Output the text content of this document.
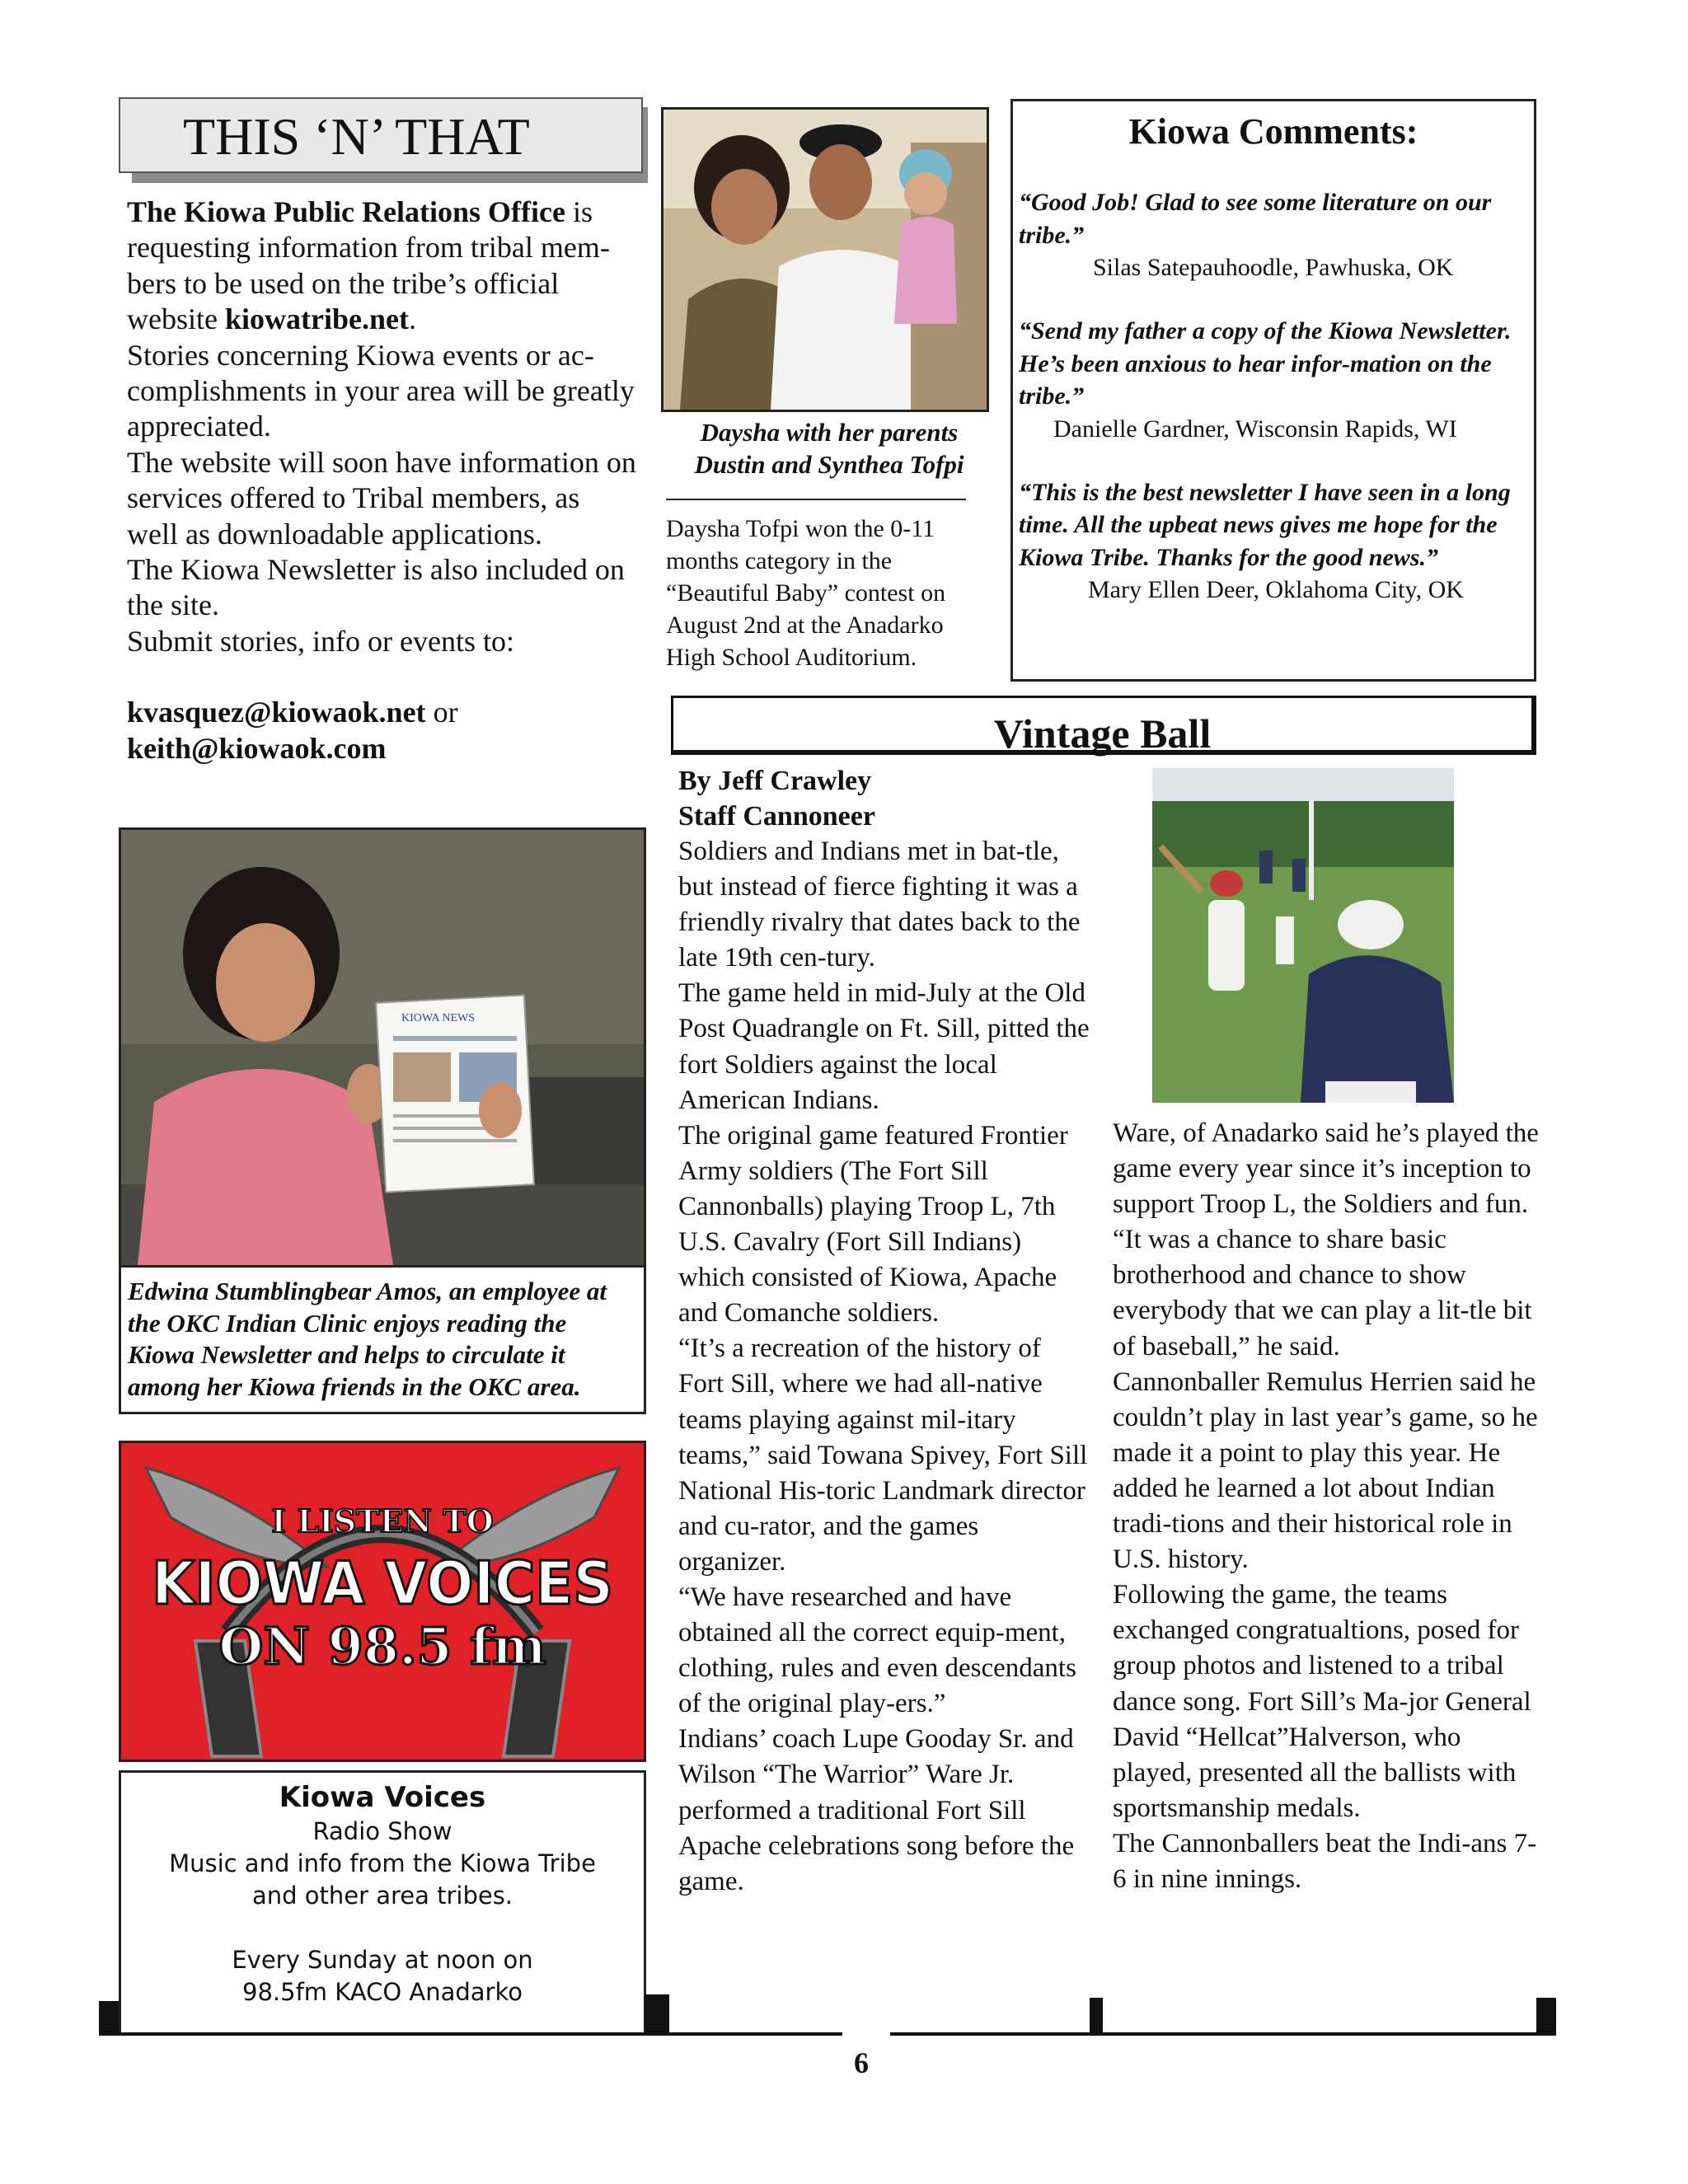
THIS ‘N’ THAT

The Kiowa Public Relations Office is requesting information from tribal mem-bers to be used on the tribe’s official website kiowatribe.net.

Stories concerning Kiowa events or ac-complishments in your area will be greatly appreciated.

The website will soon have information on services offered to Tribal members, as well as downloadable applications.

The Kiowa Newsletter is also included on the site.

Submit stories, info or events to:

kvasquez@kiowaok.net or
keith@kiowaok.com

Daysha with her parents Dustin and Synthea Tofpi
Daysha Tofpi won the 0-11 months category in the “Beautiful Baby” contest on August 2nd at the Anadarko High School Auditorium.
Kiowa Comments:

“Good Job! Glad to see some literature on our tribe.”

Silas Satepauhoodle, Pawhuska, OK

“Send my father a copy of the Kiowa Newsletter. He’s been anxious to hear infor-mation on the tribe.”

Danielle Gardner, Wisconsin Rapids, WI

“This is the best newsletter I have seen in a long time. All the upbeat news gives me hope for the Kiowa Tribe. Thanks for the good news.”

Mary Ellen Deer, Oklahoma City, OK

Vintage Ball
By Jeff Crawley
Staff Cannoneer

Soldiers and Indians met in bat-tle, but instead of fierce fighting it was a friendly rivalry that dates back to the late 19th cen-tury.

The game held in mid-July at the Old Post Quadrangle on Ft. Sill, pitted the fort Soldiers against the local American Indians.

The original game featured Frontier Army soldiers (The Fort Sill Cannonballs) playing Troop L, 7th U.S. Cavalry (Fort Sill Indians) which consisted of Kiowa, Apache and Comanche soldiers.

“It’s a recreation of the history of Fort Sill, where we had all-native teams playing against mil-itary teams,” said Towana Spivey, Fort Sill National His-toric Landmark director and cu-rator, and the games organizer.

“We have researched and have obtained all the correct equip-ment, clothing, rules and even descendants of the original play-ers.”

Indians’ coach Lupe Gooday Sr. and Wilson “The Warrior” Ware Jr. performed a traditional Fort Sill Apache celebrations song before the game.

Ware, of Anadarko said he’s played the game every year since it’s inception to support Troop L, the Soldiers and fun.

“It was a chance to share basic brotherhood and chance to show everybody that we can play a lit-tle bit of baseball,” he said.

Cannonballer Remulus Herrien said he couldn’t play in last year’s game, so he made it a point to play this year. He added he learned a lot about Indian tradi-tions and their historical role in U.S. history.

Following the game, the teams exchanged congratualtions, posed for group photos and listened to a tribal dance song. Fort Sill’s Ma-jor General David “Hellcat”Halverson, who played, presented all the ballists with sportsmanship medals.

The Cannonballers beat the Indi-ans 7-6 in nine innings.

KIOWA NEWS
Edwina Stumblingbear Amos, an employee at the OKC Indian Clinic enjoys reading the Kiowa Newsletter and helps to circulate it among her Kiowa friends in the OKC area.
I LISTEN TO
KIOWA VOICES
ON 98.5 fm
Kiowa Voices
Radio Show
Music and info from the Kiowa Tribe
and other area tribes.
Every Sunday at noon on
98.5fm KACO Anadarko
6
